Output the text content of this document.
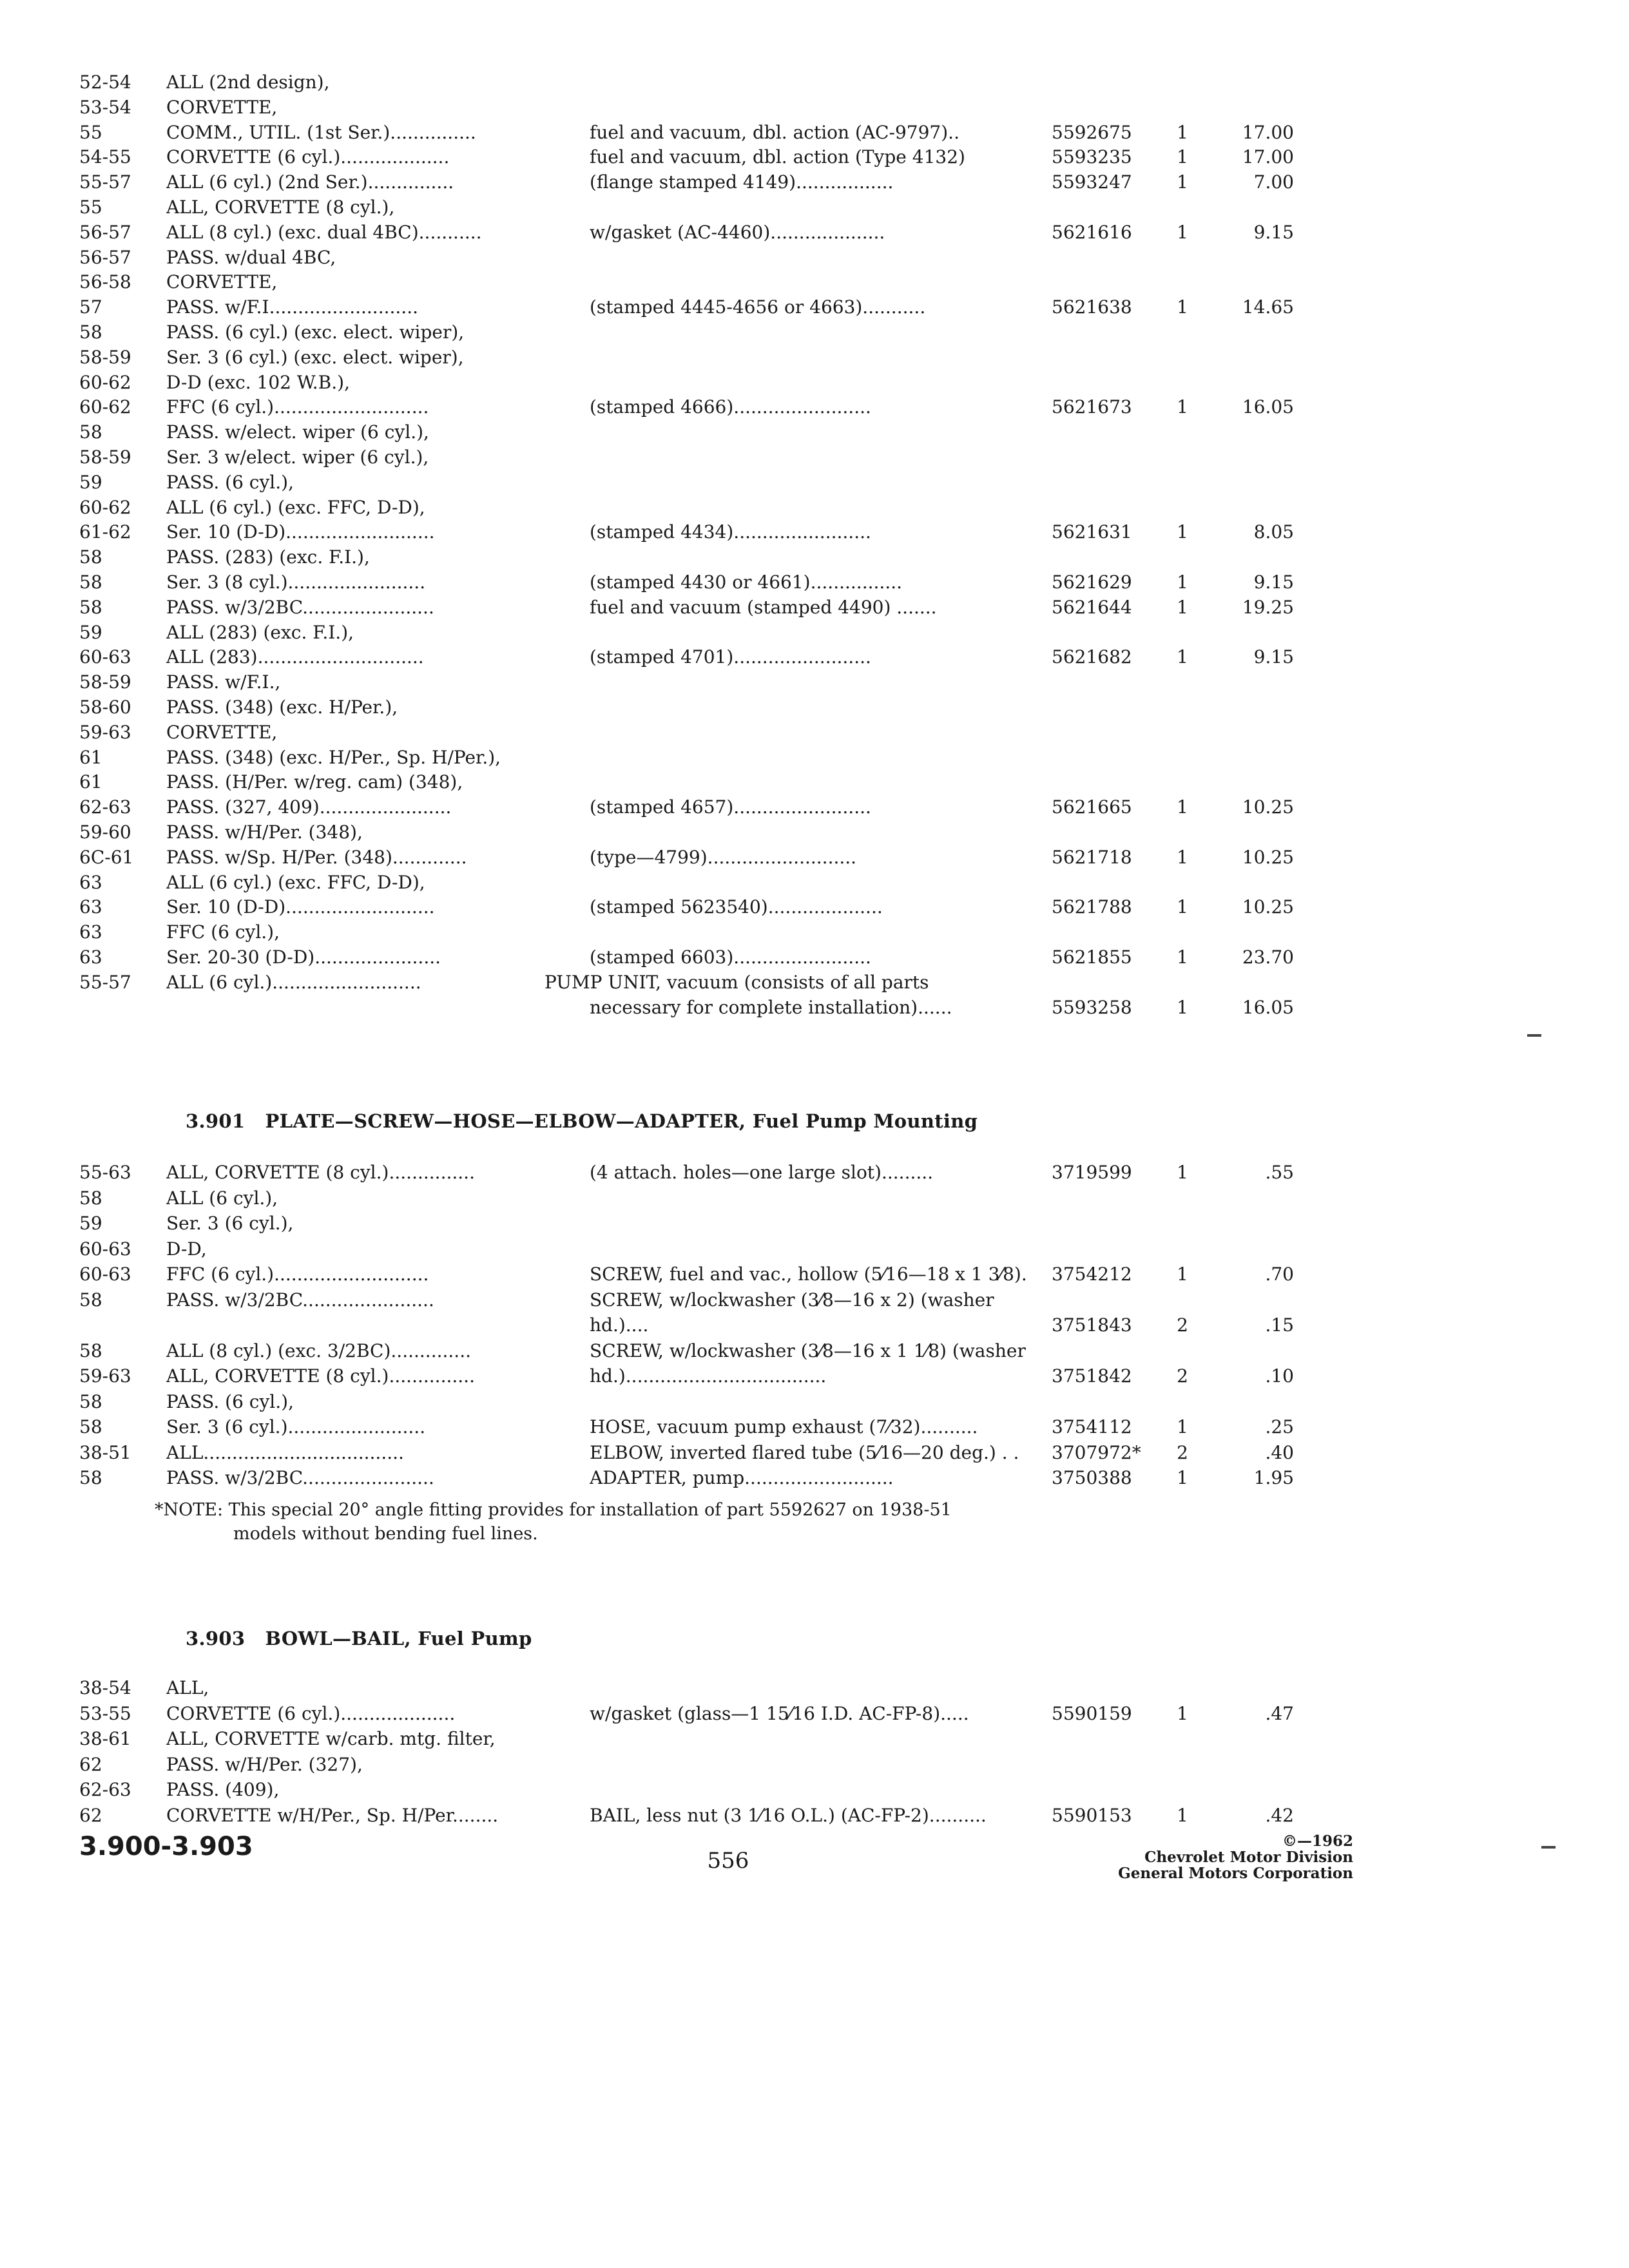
52-54	ALL (2nd design),
53-54	CORVETTE,
55	COMM., UTIL. (1st Ser.)...............	fuel and vacuum, dbl. action (AC-9797)..	5592675	1	17.00
54-55	CORVETTE (6 cyl.)...................	fuel and vacuum, dbl. action (Type 4132)	5593235	1	17.00
55-57	ALL (6 cyl.) (2nd Ser.)...............	(flange stamped 4149).................	5593247	1	7.00
55	ALL, CORVETTE (8 cyl.),
56-57	ALL (8 cyl.) (exc. dual 4BC)...........	w/gasket (AC-4460)....................	5621616	1	9.15
56-57	PASS. w/dual 4BC,
56-58	CORVETTE,
57	PASS. w/F.I..........................	(stamped 4445-4656 or 4663)...........	5621638	1	14.65
58	PASS. (6 cyl.) (exc. elect. wiper),
58-59	Ser. 3 (6 cyl.) (exc. elect. wiper),
60-62	D-D (exc. 102 W.B.),
60-62	FFC (6 cyl.)...........................	(stamped 4666)........................	5621673	1	16.05
58	PASS. w/elect. wiper (6 cyl.),
58-59	Ser. 3 w/elect. wiper (6 cyl.),
59	PASS. (6 cyl.),
60-62	ALL (6 cyl.) (exc. FFC, D-D),
61-62	Ser. 10 (D-D)..........................	(stamped 4434)........................	5621631	1	8.05
58	PASS. (283) (exc. F.I.),
58	Ser. 3 (8 cyl.)........................	(stamped 4430 or 4661)................	5621629	1	9.15
58	PASS. w/3/2BC.......................	fuel and vacuum (stamped 4490) .......	5621644	1	19.25
59	ALL (283) (exc. F.I.),
60-63	ALL (283).............................	(stamped 4701)........................	5621682	1	9.15
58-59	PASS. w/F.I.,
58-60	PASS. (348) (exc. H/Per.),
59-63	CORVETTE,
61	PASS. (348) (exc. H/Per., Sp. H/Per.),
61	PASS. (H/Per. w/reg. cam) (348),
62-63	PASS. (327, 409).......................	(stamped 4657)........................	5621665	1	10.25
59-60	PASS. w/H/Per. (348),
6C-61	PASS. w/Sp. H/Per. (348).............	(type—4799)..........................	5621718	1	10.25
63	ALL (6 cyl.) (exc. FFC, D-D),
63	Ser. 10 (D-D)..........................	(stamped 5623540)....................	5621788	1	10.25
63	FFC (6 cyl.),
63	Ser. 20-30 (D-D)......................	(stamped 6603)........................	5621855	1	23.70
55-57	ALL (6 cyl.)..........................	PUMP UNIT, vacuum (consists of all parts
necessary for complete installation)......	5593258	1	16.05
55-63	ALL, CORVETTE (8 cyl.)...............	(4 attach. holes—one large slot).........	3719599	1	.55
58	ALL (6 cyl.),
59	Ser. 3 (6 cyl.),
60-63	D-D,
60-63	FFC (6 cyl.)...........................	SCREW, fuel and vac., hollow (5⁄16—18 x 1 3⁄8).	3754212	1	.70
58	PASS. w/3/2BC.......................	SCREW, w/lockwasher (3⁄8—16 x 2) (washer
hd.)....	3751843	2	.15
58	ALL (8 cyl.) (exc. 3/2BC)..............	SCREW, w/lockwasher (3⁄8—16 x 1 1⁄8) (washer
59-63	ALL, CORVETTE (8 cyl.)...............	hd.)...................................	3751842	2	.10
58	PASS. (6 cyl.),
58	Ser. 3 (6 cyl.)........................	HOSE, vacuum pump exhaust (7⁄32)..........	3754112	1	.25
38-51	ALL...................................	ELBOW, inverted flared tube (5⁄16—20 deg.) . .	3707972*	2	.40
58	PASS. w/3/2BC.......................	ADAPTER, pump..........................	3750388	1	1.95
38-54	ALL,
53-55	CORVETTE (6 cyl.)....................	w/gasket (glass—1 15⁄16 I.D. AC-FP-8).....	5590159	1	.47
38-61	ALL, CORVETTE w/carb. mtg. filter,
62	PASS. w/H/Per. (327),
62-63	PASS. (409),
62	CORVETTE w/H/Per., Sp. H/Per........	BAIL, less nut (3 1⁄16 O.L.) (AC-FP-2)..........	5590153	1	.42
3.901 PLATE—SCREW—HOSE—ELBOW—ADAPTER, Fuel Pump Mounting
*NOTE: This special 20° angle fitting provides for installation of part 5592627 on 1938-51
models without bending fuel lines.
3.903 BOWL—BAIL, Fuel Pump
3.900-3.903	556
©—1962
Chevrolet Motor Division
General Motors Corporation
